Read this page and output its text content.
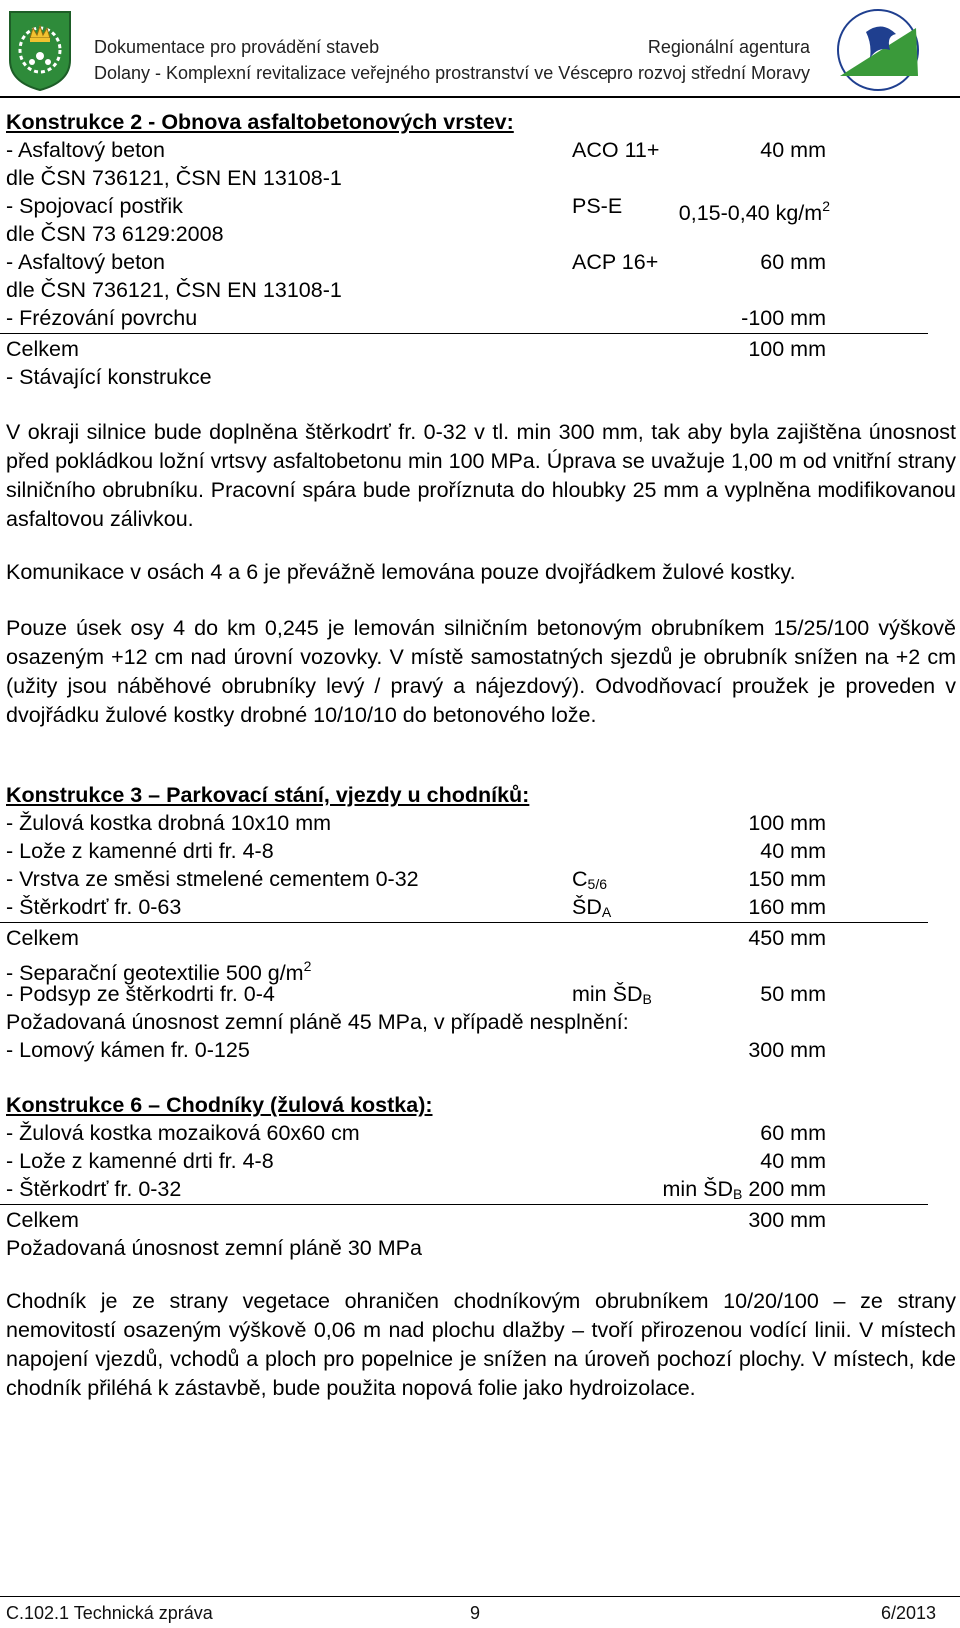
Dokumentace pro provádění staveb
Dolany - Komplexní revitalizace veřejného prostranství ve Vésce
Regionální agentura
pro rozvoj střední Moravy
Konstrukce 2 - Obnova asfaltobetonových vrstev:
- Asfaltový beton	ACO 11+	40 mm
dle ČSN 736121, ČSN EN 13108-1
- Spojovací postřik	PS-E	0,15-0,40 $kg/m^2$
dle ČSN 73 6129:2008
- Asfaltový beton	ACP 16+	60 mm
dle ČSN 736121, ČSN EN 13108-1
- Frézování povrchu	-100 mm
Celkem	100 mm
- Stávající konstrukce
V okraji silnice bude doplněna štěrkodrť fr. 0-32 v tl. min 300 mm, tak aby byla zajištěna únosnost před pokládkou ložní vrtsvy asfaltobetonu min 100 MPa. Úprava se uvažuje 1,00 m od vnitřní strany silničního obrubníku. Pracovní spára bude proříznuta do hloubky 25 mm a vyplněna modifikovanou asfaltovou zálivkou.
Komunikace v osách 4 a 6 je převážně lemována pouze dvojřádkem žulové kostky.
Pouze úsek osy 4 do km 0,245 je lemován silničním betonovým obrubníkem 15/25/100 výškově osazeným +12 cm nad úrovní vozovky. V místě samostatných sjezdů je obrubník snížen na +2 cm (užity jsou náběhové obrubníky levý / pravý a nájezdový). Odvodňovací proužek je proveden v dvojřádku žulové kostky drobné 10/10/10 do betonového lože.
Konstrukce 3 – Parkovací stání, vjezdy u chodníků:
- Žulová kostka drobná 10x10 mm	100 mm
- Lože z kamenné drti fr. 4-8	40 mm
- Vrstva ze směsi stmelené cementem 0-32	$C_{5/6}$	150 mm
- Štěrkodrť fr. 0-63	$ŠD_A$	160 mm
Celkem	450 mm
- Separační geotextilie 500 $g/m^2$
- Podsyp ze štěrkodrti fr. 0-4	$\min ŠD_B$	50 mm
Požadovaná únosnost zemní pláně 45 MPa, v případě nesplnění:
- Lomový kámen fr. 0-125	300 mm
Konstrukce 6 – Chodníky (žulová kostka):
- Žulová kostka mozaiková 60x60 cm	60 mm
- Lože z kamenné drti fr. 4-8	40 mm
- Štěrkodrť fr. 0-32	$\min ŠD_B$ 200 mm
Celkem	300 mm
Požadovaná únosnost zemní pláně 30 MPa
Chodník je ze strany vegetace ohraničen chodníkovým obrubníkem 10/20/100 – ze strany nemovitostí osazeným výškově 0,06 m nad plochu dlažby – tvoří přirozenou vodící linii. V místech napojení vjezdů, vchodů a ploch pro popelnice je snížen na úroveň pochozí plochy. V místech, kde chodník přiléhá k zástavbě, bude použita nopová folie jako hydroizolace.
C.102.1 Technická zpráva	9	6/2013
